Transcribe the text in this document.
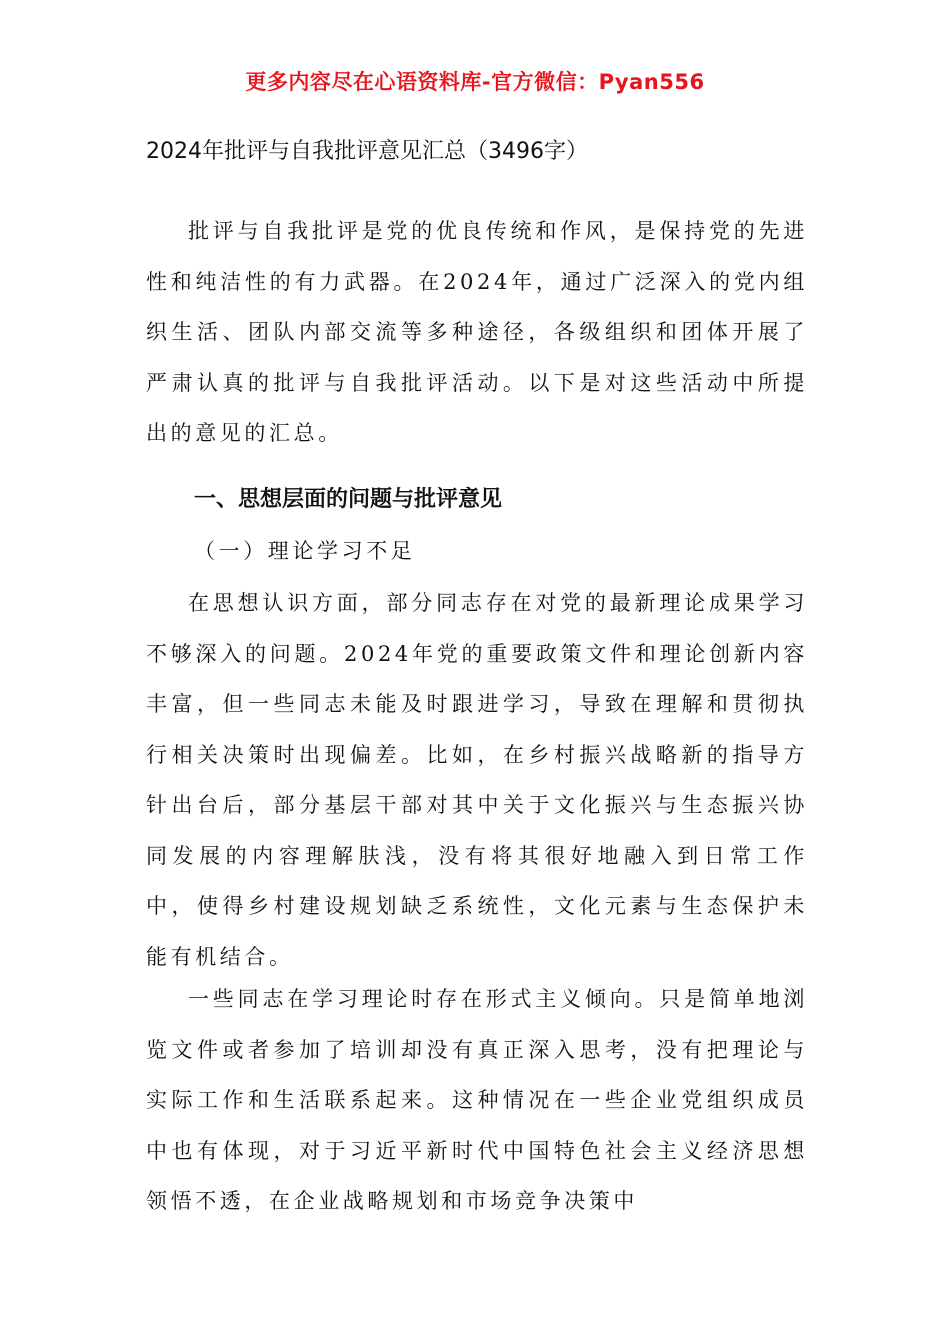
更多内容尽在心语资料库-官方微信：Pyan556
2024年批评与自我批评意见汇总（3496字）

批评与自我批评是党的优良传统和作风，是保持党的先进性和纯洁性的有力武器。在2024年，通过广泛深入的党内组织生活、团队内部交流等多种途径，各级组织和团体开展了严肃认真的批评与自我批评活动。以下是对这些活动中所提出的意见的汇总。

一、思想层面的问题与批评意见
（一）理论学习不足

在思想认识方面，部分同志存在对党的最新理论成果学习不够深入的问题。2024年党的重要政策文件和理论创新内容丰富，但一些同志未能及时跟进学习，导致在理解和贯彻执行相关决策时出现偏差。比如，在乡村振兴战略新的指导方针出台后，部分基层干部对其中关于文化振兴与生态振兴协同发展的内容理解肤浅，没有将其很好地融入到日常工作中，使得乡村建设规划缺乏系统性，文化元素与生态保护未能有机结合。

一些同志在学习理论时存在形式主义倾向。只是简单地浏览文件或者参加了培训却没有真正深入思考，没有把理论与实际工作和生活联系起来。这种情况在一些企业党组织成员中也有体现，对于习近平新时代中国特色社会主义经济思想领悟不透，在企业战略规划和市场竞争决策中
